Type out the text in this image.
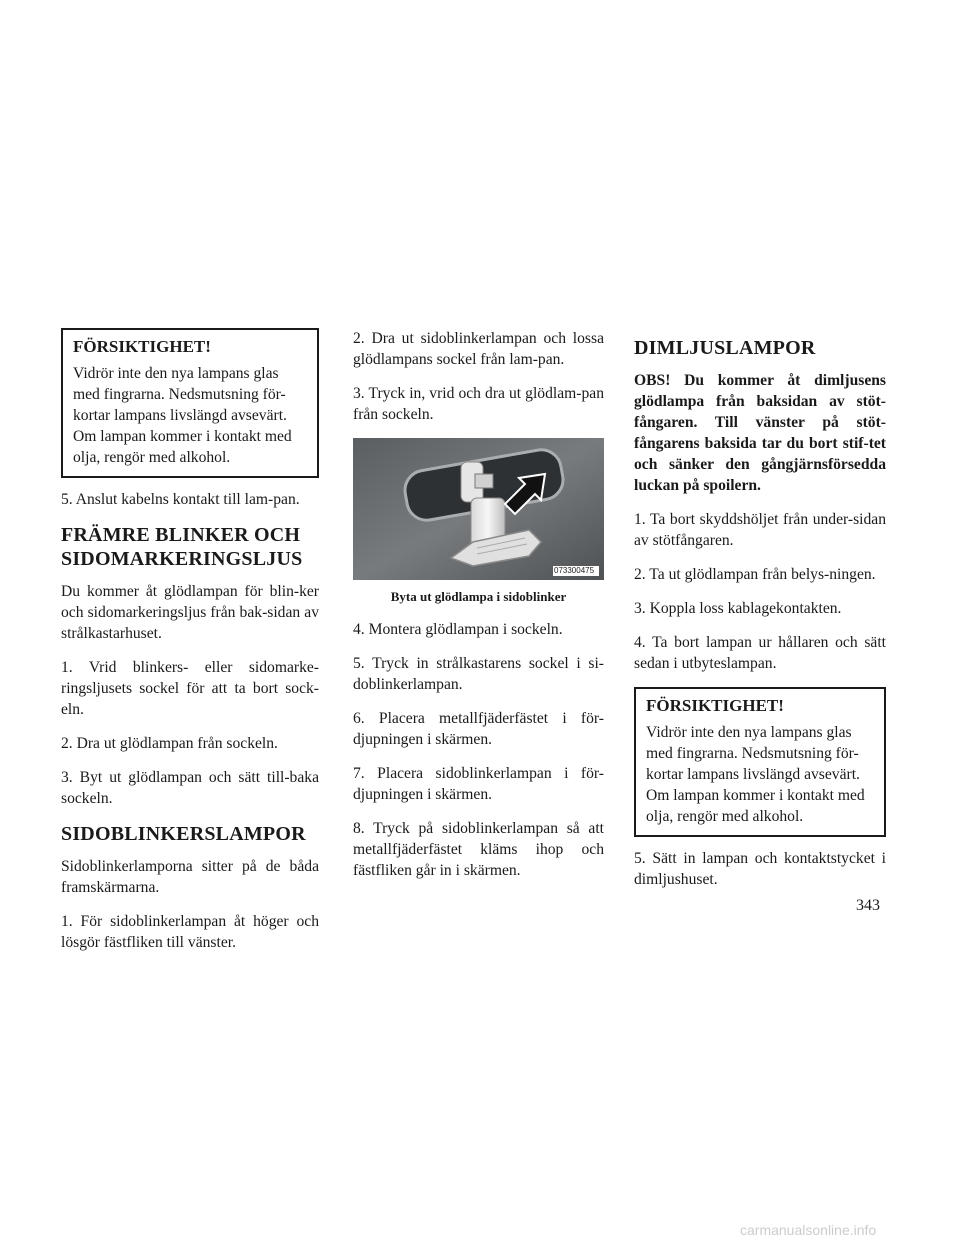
FÖRSIKTIGHET!

Vidrör inte den nya lampans glas med fingrarna. Nedsmutsning för-kortar lampans livslängd avsevärt. Om lampan kommer i kontakt med olja, rengör med alkohol.

5. Anslut kabelns kontakt till lam-pan.

FRÄMRE BLINKER OCH SIDOMARKERINGSLJUS

Du kommer åt glödlampan för blin-ker och sidomarkeringsljus från bak-sidan av strålkastarhuset.

1. Vrid blinkers- eller sidomarke-ringsljusets sockel för att ta bort sock-eln.

2. Dra ut glödlampan från sockeln.

3. Byt ut glödlampan och sätt till-baka sockeln.

SIDOBLINKERSLAMPOR

Sidoblinkerlamporna sitter på de båda framskärmarna.

1. För sidoblinkerlampan åt höger och lösgör fästfliken till vänster.

2. Dra ut sidoblinkerlampan och lossa glödlampans sockel från lam-pan.

3. Tryck in, vrid och dra ut glödlam-pan från sockeln.

073300475

Byta ut glödlampa i sidoblinker

4. Montera glödlampan i sockeln.

5. Tryck in strålkastarens sockel i si-doblinkerlampan.

6. Placera metallfjäderfästet i för-djupningen i skärmen.

7. Placera sidoblinkerlampan i för-djupningen i skärmen.

8. Tryck på sidoblinkerlampan så att metallfjäderfästet kläms ihop och fästfliken går in i skärmen.

DIMLJUSLAMPOR

OBS! Du kommer åt dimljusens glödlampa från baksidan av stöt-fångaren. Till vänster på stöt-fångarens baksida tar du bort stif-tet och sänker den gångjärnsförsedda luckan på spoilern.

1. Ta bort skyddshöljet från under-sidan av stötfångaren.

2. Ta ut glödlampan från belys-ningen.

3. Koppla loss kablagekontakten.

4. Ta bort lampan ur hållaren och sätt sedan i utbyteslampan.

FÖRSIKTIGHET!

Vidrör inte den nya lampans glas med fingrarna. Nedsmutsning för-kortar lampans livslängd avsevärt. Om lampan kommer i kontakt med olja, rengör med alkohol.

5. Sätt in lampan och kontaktstycket i dimljushuset.

343
carmanualsonline.info
